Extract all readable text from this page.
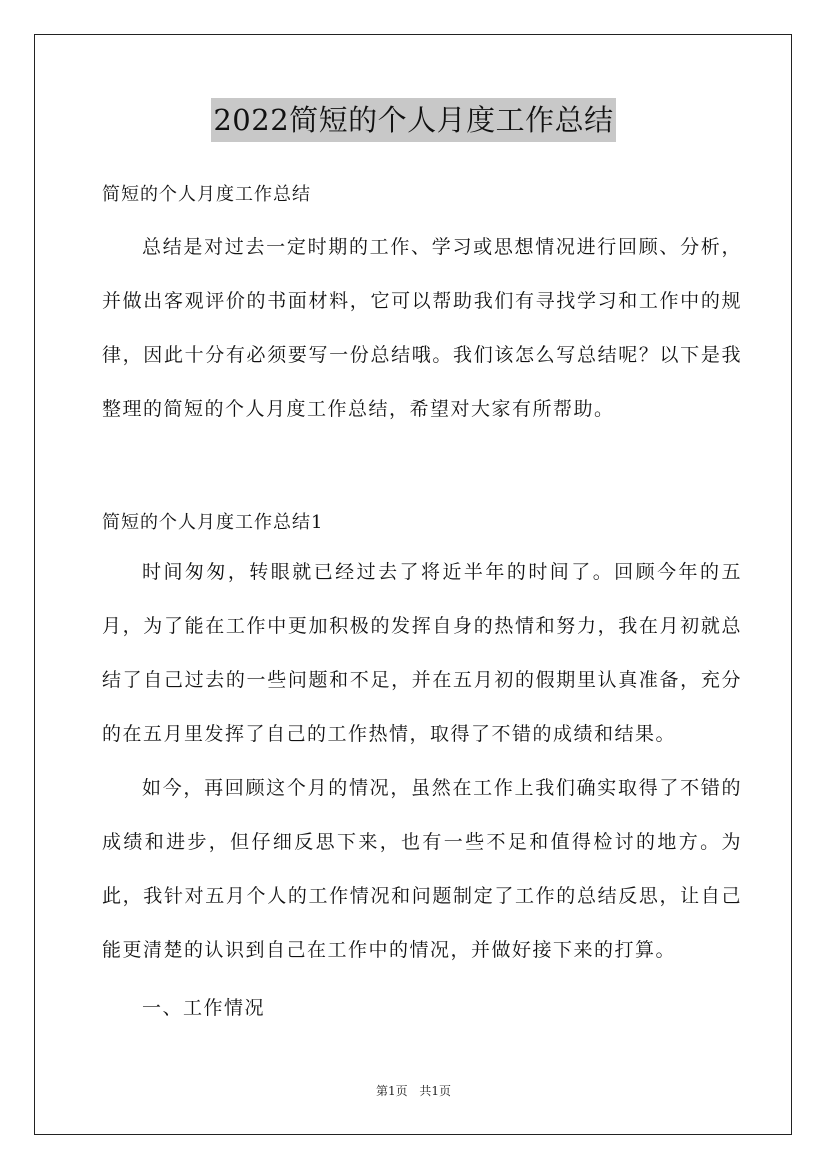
2022简短的个人月度工作总结
简短的个人月度工作总结

总结是对过去一定时期的工作、学习或思想情况进行回顾、分析，并做出客观评价的书面材料，它可以帮助我们有寻找学习和工作中的规律，因此十分有必须要写一份总结哦。我们该怎么写总结呢？以下是我整理的简短的个人月度工作总结，希望对大家有所帮助。

简短的个人月度工作总结1

时间匆匆，转眼就已经过去了将近半年的时间了。回顾今年的五月，为了能在工作中更加积极的发挥自身的热情和努力，我在月初就总结了自己过去的一些问题和不足，并在五月初的假期里认真准备，充分的在五月里发挥了自己的工作热情，取得了不错的成绩和结果。

如今，再回顾这个月的情况，虽然在工作上我们确实取得了不错的成绩和进步，但仔细反思下来，也有一些不足和值得检讨的地方。为此，我针对五月个人的工作情况和问题制定了工作的总结反思，让自己能更清楚的认识到自己在工作中的情况，并做好接下来的打算。

一、工作情况
第1页 共1页
